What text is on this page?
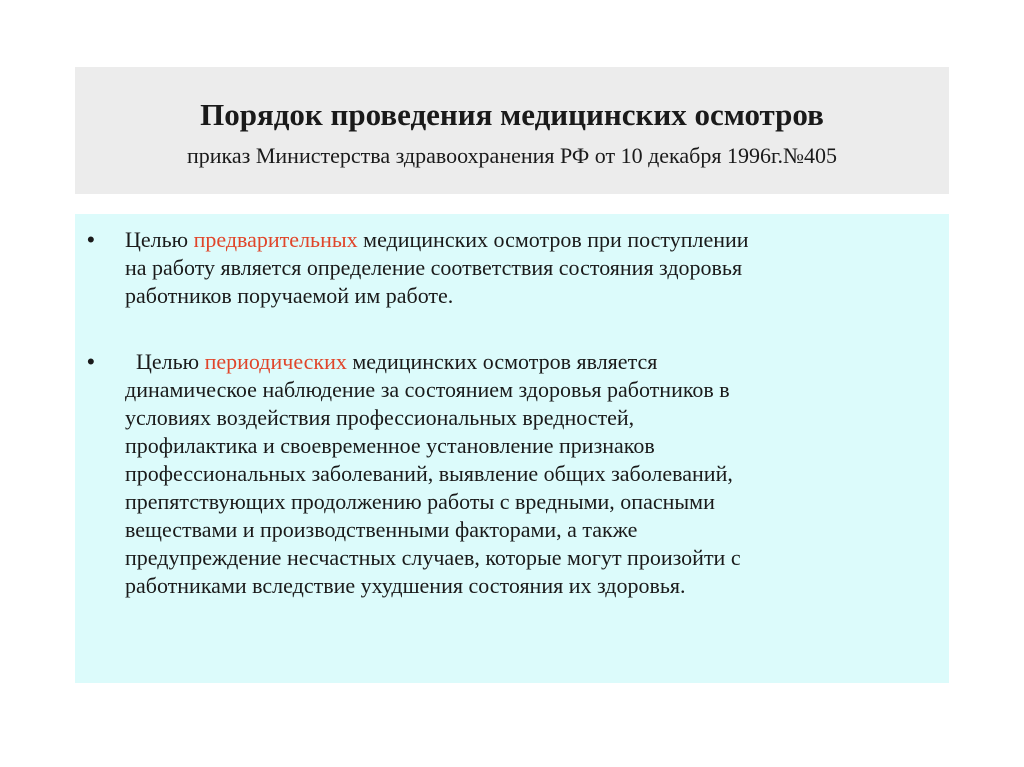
Порядок проведения медицинских осмотров
приказ Министерства здравоохранения РФ от 10 декабря 1996г.№405
• Целью предварительных медицинских осмотров при поступлении
на работу является определение соответствия состояния здоровья
работников поручаемой им работе.
• Целью периодических медицинских осмотров является
динамическое наблюдение за состоянием здоровья работников в
условиях воздействия профессиональных вредностей,
профилактика и своевременное установление признаков
профессиональных заболеваний, выявление общих заболеваний,
препятствующих продолжению работы с вредными, опасными
веществами и производственными факторами, а также
предупреждение несчастных случаев, которые могут произойти с
работниками вследствие ухудшения состояния их здоровья.
